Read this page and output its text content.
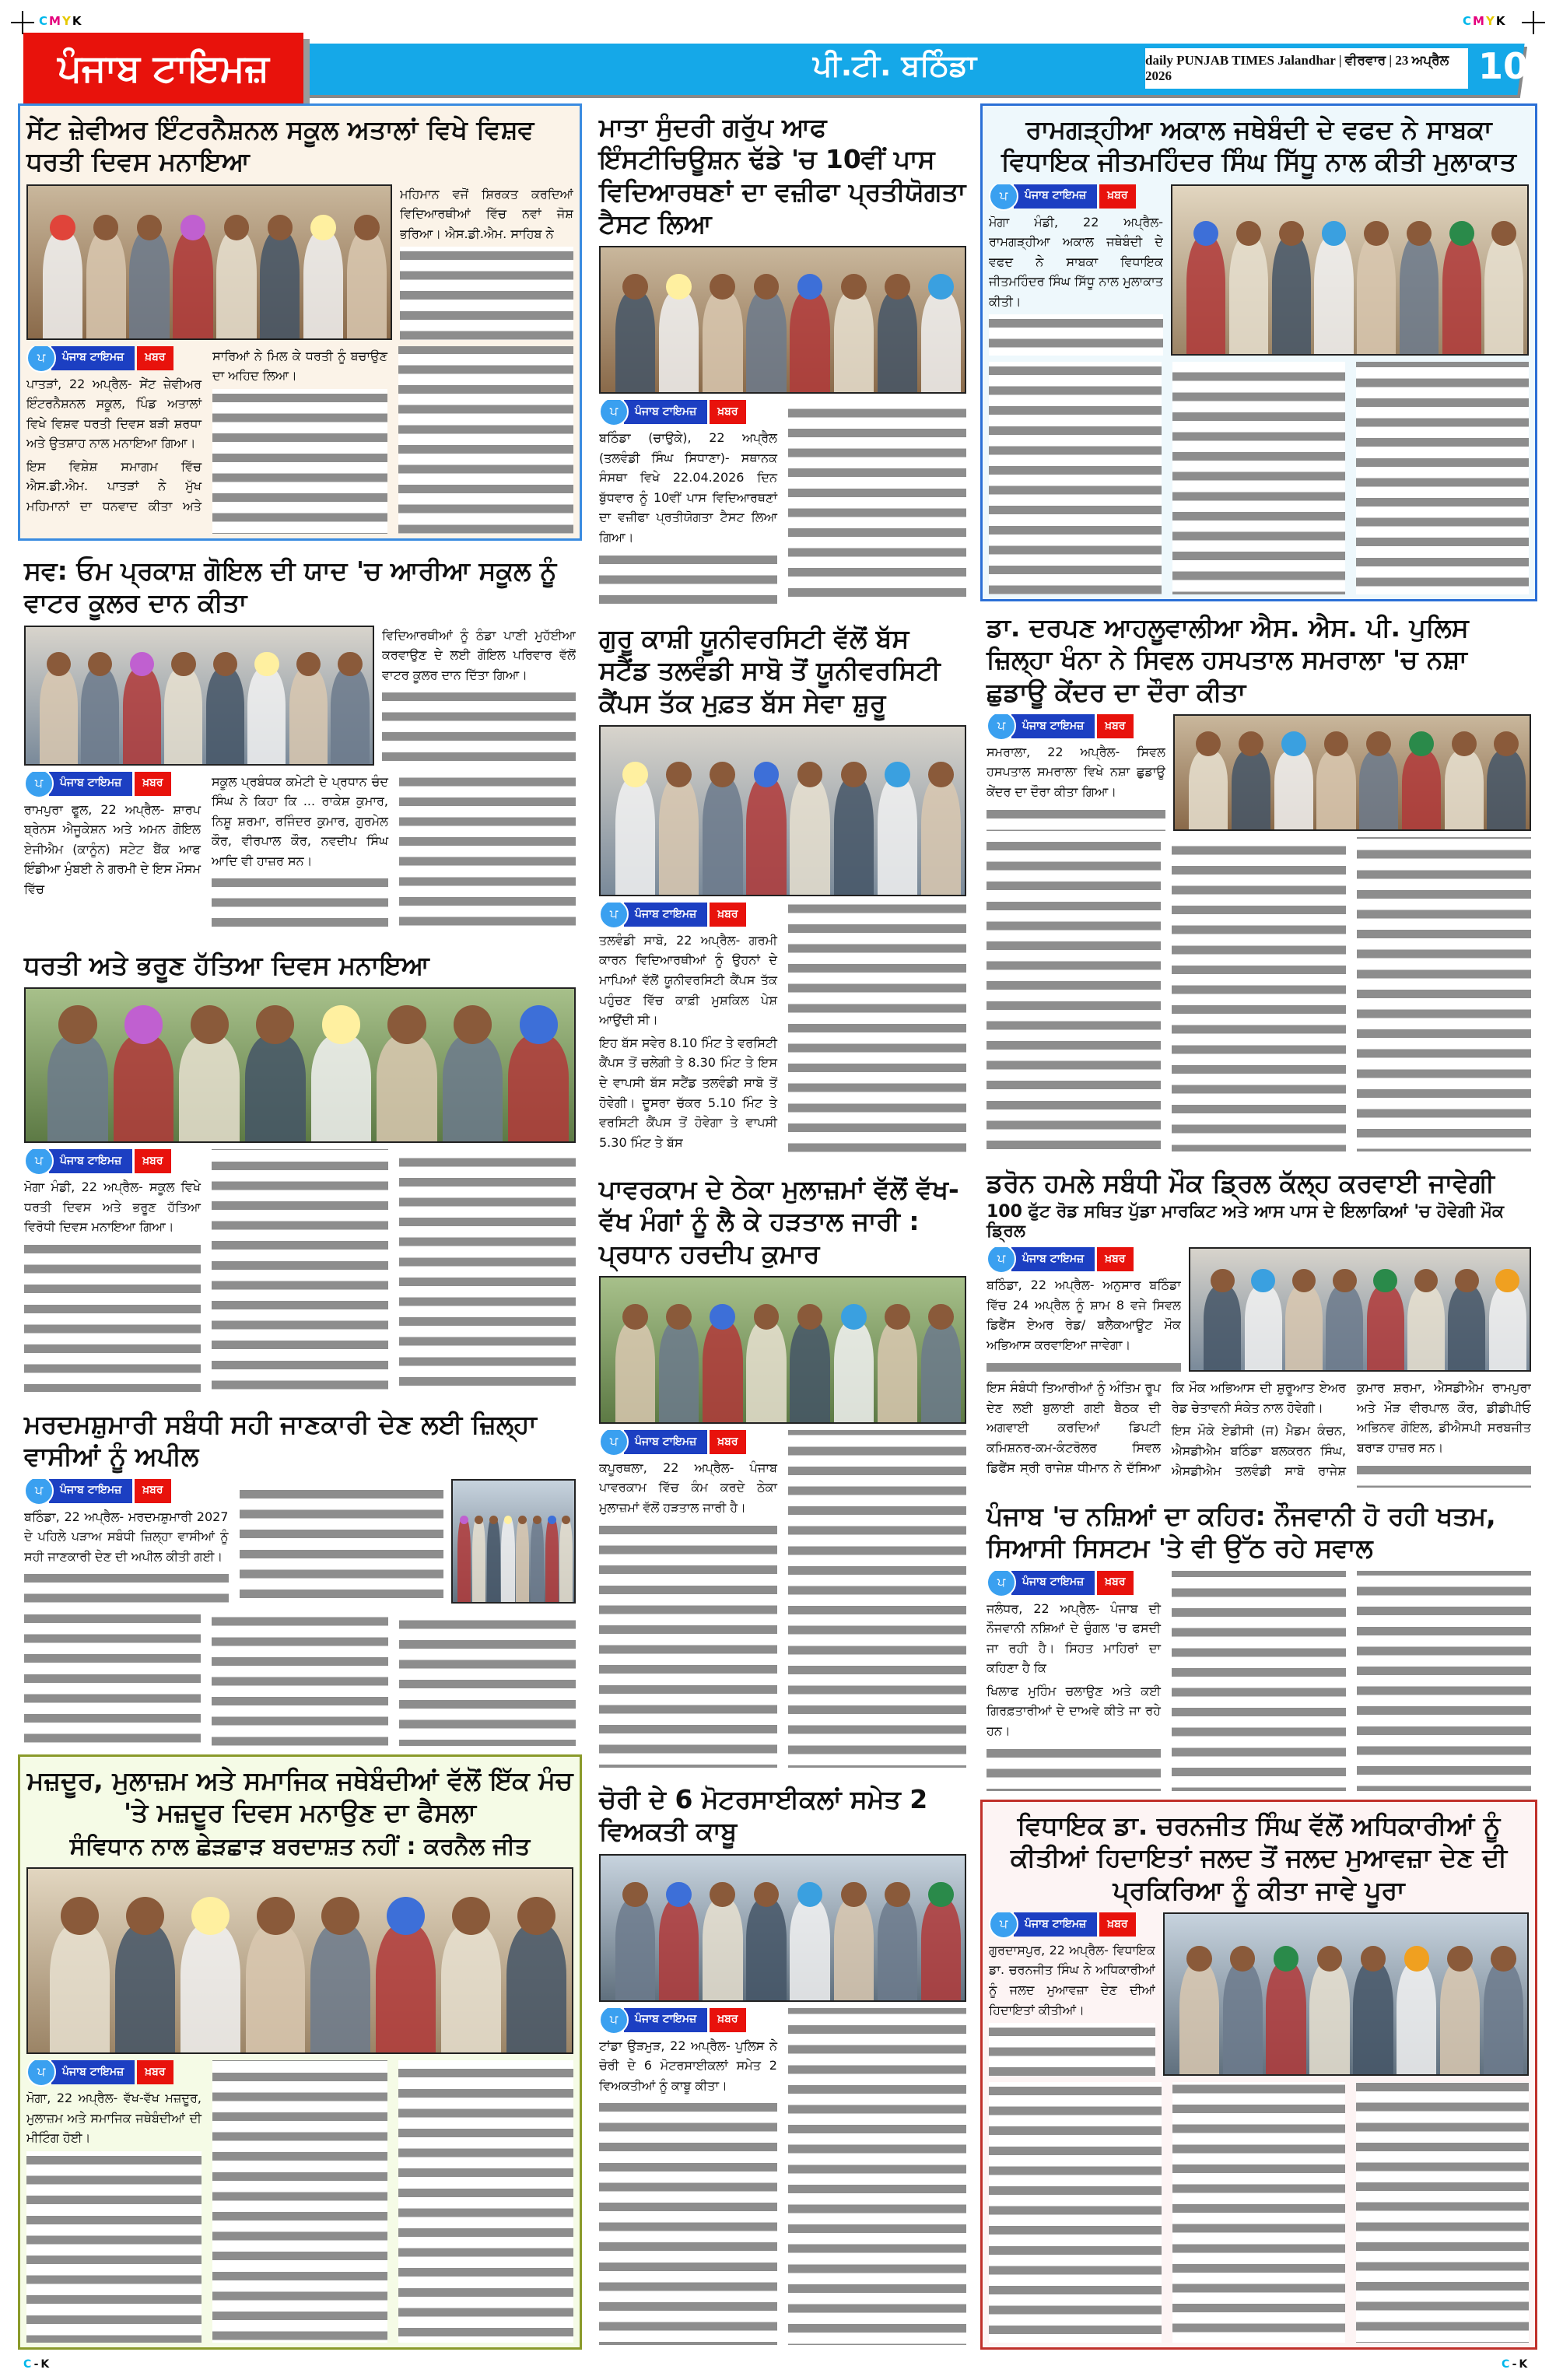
CMYK	CMYK
ਪੰਜਾਬ ਟਾਇਮਜ਼	ਪੀ.ਟੀ. ਬਠਿੰਡਾ	daily PUNJAB TIMES Jalandhar | ਵੀਰਵਾਰ | 23 ਅਪ੍ਰੈਲ 2026	10
ਸੇਂਟ ਜ਼ੇਵੀਅਰ ਇੰਟਰਨੈਸ਼ਨਲ ਸਕੂਲ ਅਤਾਲਾਂ ਵਿਖੇ ਵਿਸ਼ਵ ਧਰਤੀ ਦਿਵਸ ਮਨਾਇਆ

ਮਹਿਮਾਨ ਵਜੋਂ ਸ਼ਿਰਕਤ ਕਰਦਿਆਂ ਵਿਦਿਆਰਥੀਆਂ ਵਿੱਚ ਨਵਾਂ ਜੋਸ਼ ਭਰਿਆ। ਐਸ.ਡੀ.ਐਮ. ਸਾਹਿਬ ਨੇ

ਪ	ਪੰਜਾਬ ਟਾਇਮਜ਼	ਖ਼ਬਰ

ਪਾਤੜਾਂ, 22 ਅਪ੍ਰੈਲ- ਸੇਂਟ ਜ਼ੇਵੀਅਰ ਇੰਟਰਨੈਸ਼ਨਲ ਸਕੂਲ, ਪਿੰਡ ਅਤਾਲਾਂ ਵਿਖੇ ਵਿਸ਼ਵ ਧਰਤੀ ਦਿਵਸ ਬੜੀ ਸ਼ਰਧਾ ਅਤੇ ਉਤਸ਼ਾਹ ਨਾਲ ਮਨਾਇਆ ਗਿਆ।

ਇਸ ਵਿਸ਼ੇਸ਼ ਸਮਾਗਮ ਵਿੱਚ ਐਸ.ਡੀ.ਐਮ. ਪਾਤੜਾਂ ਨੇ ਮੁੱਖ ਮਹਿਮਾਨਾਂ ਦਾ ਧਨਵਾਦ ਕੀਤਾ ਅਤੇ ਸਾਰਿਆਂ ਨੇ ਮਿਲ ਕੇ ਧਰਤੀ ਨੂੰ ਬਚਾਉਣ ਦਾ ਅਹਿਦ ਲਿਆ।

ਸਵ: ਓਮ ਪ੍ਰਕਾਸ਼ ਗੋਇਲ ਦੀ ਯਾਦ 'ਚ ਆਰੀਆ ਸਕੂਲ ਨੂੰ ਵਾਟਰ ਕੂਲਰ ਦਾਨ ਕੀਤਾ

ਵਿਦਿਆਰਥੀਆਂ ਨੂੰ ਠੰਡਾ ਪਾਣੀ ਮੁਹੱਈਆ ਕਰਵਾਉਣ ਦੇ ਲਈ ਗੋਇਲ ਪਰਿਵਾਰ ਵੱਲੋਂ ਵਾਟਰ ਕੂਲਰ ਦਾਨ ਦਿੱਤਾ ਗਿਆ।

ਪ	ਪੰਜਾਬ ਟਾਇਮਜ਼	ਖ਼ਬਰ

ਰਾਮਪੁਰਾ ਫੂਲ, 22 ਅਪ੍ਰੈਲ- ਸ਼ਾਰਪ ਬ੍ਰੇਨਸ ਐਜੂਕੇਸ਼ਨ ਅਤੇ ਅਮਨ ਗੋਇਲ ਏਜੀਐਮ (ਕਾਨੂੰਨ) ਸਟੇਟ ਬੈਂਕ ਆਫ ਇੰਡੀਆ ਮੁੰਬਈ ਨੇ ਗਰਮੀ ਦੇ ਇਸ ਮੌਸਮ ਵਿੱਚ

ਸਕੂਲ ਪ੍ਰਬੰਧਕ ਕਮੇਟੀ ਦੇ ਪ੍ਰਧਾਨ ਚੰਦ ਸਿੰਘ ਨੇ ਕਿਹਾ ਕਿ ... ਰਾਕੇਸ਼ ਕੁਮਾਰ, ਨਿਸ਼ੂ ਸ਼ਰਮਾ, ਰਜਿੰਦਰ ਕੁਮਾਰ, ਗੁਰਮੇਲ ਕੌਰ, ਵੀਰਪਾਲ ਕੌਰ, ਨਵਦੀਪ ਸਿੰਘ ਆਦਿ ਵੀ ਹਾਜ਼ਰ ਸਨ।

ਧਰਤੀ ਅਤੇ ਭਰੂਣ ਹੱਤਿਆ ਦਿਵਸ ਮਨਾਇਆ
ਪ	ਪੰਜਾਬ ਟਾਇਮਜ਼	ਖ਼ਬਰ

ਮੋਗਾ ਮੰਡੀ, 22 ਅਪ੍ਰੈਲ- ਸਕੂਲ ਵਿਖੇ ਧਰਤੀ ਦਿਵਸ ਅਤੇ ਭਰੂਣ ਹੱਤਿਆ ਵਿਰੋਧੀ ਦਿਵਸ ਮਨਾਇਆ ਗਿਆ।

ਮਰਦਮਸ਼ੁਮਾਰੀ ਸਬੰਧੀ ਸਹੀ ਜਾਣਕਾਰੀ ਦੇਣ ਲਈ ਜ਼ਿਲ੍ਹਾ ਵਾਸੀਆਂ ਨੂੰ ਅਪੀਲ
ਪ	ਪੰਜਾਬ ਟਾਇਮਜ਼	ਖ਼ਬਰ

ਬਠਿੰਡਾ, 22 ਅਪ੍ਰੈਲ- ਮਰਦਮਸ਼ੁਮਾਰੀ 2027 ਦੇ ਪਹਿਲੇ ਪੜਾਅ ਸਬੰਧੀ ਜ਼ਿਲ੍ਹਾ ਵਾਸੀਆਂ ਨੂੰ ਸਹੀ ਜਾਣਕਾਰੀ ਦੇਣ ਦੀ ਅਪੀਲ ਕੀਤੀ ਗਈ।

ਮਜ਼ਦੂਰ, ਮੁਲਾਜ਼ਮ ਅਤੇ ਸਮਾਜਿਕ ਜਥੇਬੰਦੀਆਂ ਵੱਲੋਂ ਇੱਕ ਮੰਚ 'ਤੇ ਮਜ਼ਦੂਰ ਦਿਵਸ ਮਨਾਉਣ ਦਾ ਫੈਸਲਾ
ਸੰਵਿਧਾਨ ਨਾਲ ਛੇੜਛਾੜ ਬਰਦਾਸ਼ਤ ਨਹੀਂ : ਕਰਨੈਲ ਜੀਤ
ਪ	ਪੰਜਾਬ ਟਾਇਮਜ਼	ਖ਼ਬਰ

ਮੋਗਾ, 22 ਅਪ੍ਰੈਲ- ਵੱਖ-ਵੱਖ ਮਜ਼ਦੂਰ, ਮੁਲਾਜ਼ਮ ਅਤੇ ਸਮਾਜਿਕ ਜਥੇਬੰਦੀਆਂ ਦੀ ਮੀਟਿੰਗ ਹੋਈ।

ਮਾਤਾ ਸੁੰਦਰੀ ਗਰੁੱਪ ਆਫ ਇੰਸਟੀਚਿਊਸ਼ਨ ਢੱਡੇ 'ਚ 10ਵੀਂ ਪਾਸ ਵਿਦਿਆਰਥਣਾਂ ਦਾ ਵਜ਼ੀਫਾ ਪ੍ਰਤੀਯੋਗਤਾ ਟੈਸਟ ਲਿਆ
ਪ	ਪੰਜਾਬ ਟਾਇਮਜ਼	ਖ਼ਬਰ

ਬਠਿੰਡਾ (ਚਾਉਕੇ), 22 ਅਪ੍ਰੈਲ (ਤਲਵੰਡੀ ਸਿੰਘ ਸਿਧਾਣਾ)- ਸਥਾਨਕ ਸੰਸਥਾ ਵਿਖੇ 22.04.2026 ਦਿਨ ਬੁੱਧਵਾਰ ਨੂੰ 10ਵੀਂ ਪਾਸ ਵਿਦਿਆਰਥਣਾਂ ਦਾ ਵਜ਼ੀਫਾ ਪ੍ਰਤੀਯੋਗਤਾ ਟੈਸਟ ਲਿਆ ਗਿਆ।

ਗੁਰੂ ਕਾਸ਼ੀ ਯੂਨੀਵਰਸਿਟੀ ਵੱਲੋਂ ਬੱਸ ਸਟੈਂਡ ਤਲਵੰਡੀ ਸਾਬੋ ਤੋਂ ਯੂਨੀਵਰਸਿਟੀ ਕੈਂਪਸ ਤੱਕ ਮੁਫ਼ਤ ਬੱਸ ਸੇਵਾ ਸ਼ੁਰੂ
ਪ	ਪੰਜਾਬ ਟਾਇਮਜ਼	ਖ਼ਬਰ

ਤਲਵੰਡੀ ਸਾਬੋ, 22 ਅਪ੍ਰੈਲ- ਗਰਮੀ ਕਾਰਨ ਵਿਦਿਆਰਥੀਆਂ ਨੂੰ ਉਹਨਾਂ ਦੇ ਮਾਪਿਆਂ ਵੱਲੋਂ ਯੂਨੀਵਰਸਿਟੀ ਕੈਂਪਸ ਤੱਕ ਪਹੁੰਚਣ ਵਿੱਚ ਕਾਫ਼ੀ ਮੁਸ਼ਕਿਲ ਪੇਸ਼ ਆਉਂਦੀ ਸੀ।

ਇਹ ਬੱਸ ਸਵੇਰ 8.10 ਮਿੰਟ ਤੇ ਵਰਸਿਟੀ ਕੈਂਪਸ ਤੋਂ ਚਲੇਗੀ ਤੇ 8.30 ਮਿੰਟ ਤੇ ਇਸ ਦੇ ਵਾਪਸੀ ਬੱਸ ਸਟੈਂਡ ਤਲਵੰਡੀ ਸਾਬੋ ਤੋਂ ਹੋਵੇਗੀ। ਦੂਸਰਾ ਚੱਕਰ 5.10 ਮਿੰਟ ਤੇ ਵਰਸਿਟੀ ਕੈਂਪਸ ਤੋਂ ਹੋਵੇਗਾ ਤੇ ਵਾਪਸੀ 5.30 ਮਿੰਟ ਤੇ ਬੱਸ

ਪਾਵਰਕਾਮ ਦੇ ਠੇਕਾ ਮੁਲਾਜ਼ਮਾਂ ਵੱਲੋਂ ਵੱਖ-ਵੱਖ ਮੰਗਾਂ ਨੂੰ ਲੈ ਕੇ ਹੜਤਾਲ ਜਾਰੀ : ਪ੍ਰਧਾਨ ਹਰਦੀਪ ਕੁਮਾਰ
ਪ	ਪੰਜਾਬ ਟਾਇਮਜ਼	ਖ਼ਬਰ

ਕਪੂਰਥਲਾ, 22 ਅਪ੍ਰੈਲ- ਪੰਜਾਬ ਪਾਵਰਕਾਮ ਵਿੱਚ ਕੰਮ ਕਰਦੇ ਠੇਕਾ ਮੁਲਾਜ਼ਮਾਂ ਵੱਲੋਂ ਹੜਤਾਲ ਜਾਰੀ ਹੈ।

ਚੋਰੀ ਦੇ 6 ਮੋਟਰਸਾਈਕਲਾਂ ਸਮੇਤ 2 ਵਿਅਕਤੀ ਕਾਬੂ
ਪ	ਪੰਜਾਬ ਟਾਇਮਜ਼	ਖ਼ਬਰ

ਟਾਂਡਾ ਉੜਮੁੜ, 22 ਅਪ੍ਰੈਲ- ਪੁਲਿਸ ਨੇ ਚੋਰੀ ਦੇ 6 ਮੋਟਰਸਾਈਕਲਾਂ ਸਮੇਤ 2 ਵਿਅਕਤੀਆਂ ਨੂੰ ਕਾਬੂ ਕੀਤਾ।

ਰਾਮਗੜ੍ਹੀਆ ਅਕਾਲ ਜਥੇਬੰਦੀ ਦੇ ਵਫਦ ਨੇ ਸਾਬਕਾ ਵਿਧਾਇਕ ਜੀਤਮਹਿੰਦਰ ਸਿੰਘ ਸਿੱਧੂ ਨਾਲ ਕੀਤੀ ਮੁਲਾਕਾਤ
ਪ	ਪੰਜਾਬ ਟਾਇਮਜ਼	ਖ਼ਬਰ

ਮੋਗਾ ਮੰਡੀ, 22 ਅਪ੍ਰੈਲ- ਰਾਮਗੜ੍ਹੀਆ ਅਕਾਲ ਜਥੇਬੰਦੀ ਦੇ ਵਫਦ ਨੇ ਸਾਬਕਾ ਵਿਧਾਇਕ ਜੀਤਮਹਿੰਦਰ ਸਿੰਘ ਸਿੱਧੂ ਨਾਲ ਮੁਲਾਕਾਤ ਕੀਤੀ।

ਡਾ. ਦਰਪਣ ਆਹਲੂਵਾਲੀਆ ਐਸ. ਐਸ. ਪੀ. ਪੁਲਿਸ ਜ਼ਿਲ੍ਹਾ ਖੰਨਾ ਨੇ ਸਿਵਲ ਹਸਪਤਾਲ ਸਮਰਾਲਾ 'ਚ ਨਸ਼ਾ ਛੁਡਾਊ ਕੇਂਦਰ ਦਾ ਦੌਰਾ ਕੀਤਾ
ਪ	ਪੰਜਾਬ ਟਾਇਮਜ਼	ਖ਼ਬਰ

ਸਮਰਾਲਾ, 22 ਅਪ੍ਰੈਲ- ਸਿਵਲ ਹਸਪਤਾਲ ਸਮਰਾਲਾ ਵਿਖੇ ਨਸ਼ਾ ਛੁਡਾਊ ਕੇਂਦਰ ਦਾ ਦੌਰਾ ਕੀਤਾ ਗਿਆ।

ਡਰੋਨ ਹਮਲੇ ਸਬੰਧੀ ਮੌਕ ਡ੍ਰਿਲ ਕੱਲ੍ਹ ਕਰਵਾਈ ਜਾਵੇਗੀ
100 ਫੁੱਟ ਰੋਡ ਸਥਿਤ ਪੁੱਡਾ ਮਾਰਕਿਟ ਅਤੇ ਆਸ ਪਾਸ ਦੇ ਇਲਾਕਿਆਂ 'ਚ ਹੋਵੇਗੀ ਮੌਕ ਡ੍ਰਿਲ
ਪ	ਪੰਜਾਬ ਟਾਇਮਜ਼	ਖ਼ਬਰ

ਬਠਿੰਡਾ, 22 ਅਪ੍ਰੈਲ- ਅਨੁਸਾਰ ਬਠਿੰਡਾ ਵਿੱਚ 24 ਅਪ੍ਰੈਲ ਨੂੰ ਸ਼ਾਮ 8 ਵਜੇ ਸਿਵਲ ਡਿਫੈਂਸ ਏਅਰ ਰੇਡ/ ਬਲੈਕਆਊਟ ਮੌਕ ਅਭਿਆਸ ਕਰਵਾਇਆ ਜਾਵੇਗਾ।

ਇਸ ਸੰਬੰਧੀ ਤਿਆਰੀਆਂ ਨੂੰ ਅੰਤਿਮ ਰੂਪ ਦੇਣ ਲਈ ਬੁਲਾਈ ਗਈ ਬੈਠਕ ਦੀ ਅਗਵਾਈ ਕਰਦਿਆਂ ਡਿਪਟੀ ਕਮਿਸ਼ਨਰ-ਕਮ-ਕੰਟਰੋਲਰ ਸਿਵਲ ਡਿਫੈਂਸ ਸ੍ਰੀ ਰਾਜੇਸ਼ ਧੀਮਾਨ ਨੇ ਦੱਸਿਆ ਕਿ ਮੌਕ ਅਭਿਆਸ ਦੀ ਸ਼ੁਰੂਆਤ ਏਅਰ ਰੇਡ ਚੇਤਾਵਨੀ ਸੰਕੇਤ ਨਾਲ ਹੋਵੇਗੀ।

ਇਸ ਮੌਕੇ ਏਡੀਸੀ (ਜ) ਮੈਡਮ ਕੰਚਨ, ਐਸਡੀਐਮ ਬਠਿੰਡਾ ਬਲਕਰਨ ਸਿੰਘ, ਐਸਡੀਐਮ ਤਲਵੰਡੀ ਸਾਬੋ ਰਾਜੇਸ਼ ਕੁਮਾਰ ਸ਼ਰਮਾ, ਐਸਡੀਐਮ ਰਾਮਪੁਰਾ ਅਤੇ ਮੌੜ ਵੀਰਪਾਲ ਕੌਰ, ਡੀਡੀਪੀਓ ਅਭਿਨਵ ਗੋਇਲ, ਡੀਐਸਪੀ ਸਰਬਜੀਤ ਬਰਾੜ ਹਾਜ਼ਰ ਸਨ।

ਪੰਜਾਬ 'ਚ ਨਸ਼ਿਆਂ ਦਾ ਕਹਿਰ: ਨੌਜਵਾਨੀ ਹੋ ਰਹੀ ਖਤਮ, ਸਿਆਸੀ ਸਿਸਟਮ 'ਤੇ ਵੀ ਉੱਠ ਰਹੇ ਸਵਾਲ
ਪ	ਪੰਜਾਬ ਟਾਇਮਜ਼	ਖ਼ਬਰ

ਜਲੰਧਰ, 22 ਅਪ੍ਰੈਲ- ਪੰਜਾਬ ਦੀ ਨੌਜਵਾਨੀ ਨਸ਼ਿਆਂ ਦੇ ਚੁੰਗਲ 'ਚ ਫਸਦੀ ਜਾ ਰਹੀ ਹੈ। ਸਿਹਤ ਮਾਹਿਰਾਂ ਦਾ ਕਹਿਣਾ ਹੈ ਕਿ

ਖਿਲਾਫ ਮੁਹਿੰਮ ਚਲਾਉਣ ਅਤੇ ਕਈ ਗਿਰਫ਼ਤਾਰੀਆਂ ਦੇ ਦਾਅਵੇ ਕੀਤੇ ਜਾ ਰਹੇ ਹਨ।

ਵਿਧਾਇਕ ਡਾ. ਚਰਨਜੀਤ ਸਿੰਘ ਵੱਲੋਂ ਅਧਿਕਾਰੀਆਂ ਨੂੰ ਕੀਤੀਆਂ ਹਿਦਾਇਤਾਂ ਜਲਦ ਤੋਂ ਜਲਦ ਮੁਆਵਜ਼ਾ ਦੇਣ ਦੀ ਪ੍ਰਕਿਰਿਆ ਨੂੰ ਕੀਤਾ ਜਾਵੇ ਪੂਰਾ
ਪ	ਪੰਜਾਬ ਟਾਇਮਜ਼	ਖ਼ਬਰ

ਗੁਰਦਾਸਪੁਰ, 22 ਅਪ੍ਰੈਲ- ਵਿਧਾਇਕ ਡਾ. ਚਰਨਜੀਤ ਸਿੰਘ ਨੇ ਅਧਿਕਾਰੀਆਂ ਨੂੰ ਜਲਦ ਮੁਆਵਜ਼ਾ ਦੇਣ ਦੀਆਂ ਹਿਦਾਇਤਾਂ ਕੀਤੀਆਂ।

C-K	C-K
